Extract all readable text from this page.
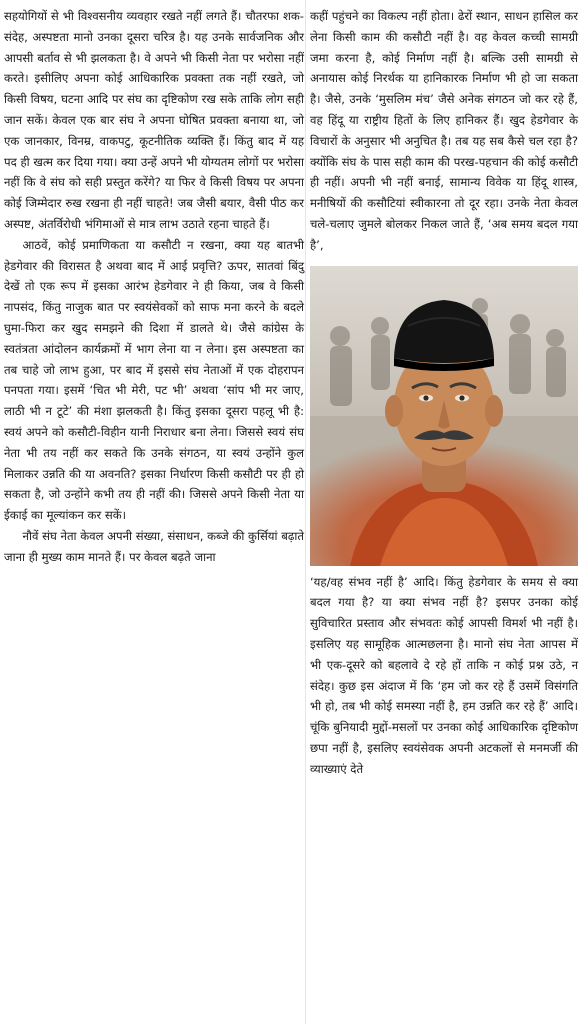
सहयोगियों से भी विश्वसनीय व्यवहार रखते नहीं लगते हैं। चौतरफा शक-संदेह, अस्पष्टता मानो उनका दूसरा चरित्र है। यह उनके सार्वजनिक और आपसी बर्ताव से भी झलकता है। वे अपने भी किसी नेता पर भरोसा नहीं करते। इसीलिए अपना कोई आधिकारिक प्रवक्ता तक नहीं रखते, जो किसी विषय, घटना आदि पर संघ का दृष्टिकोण रख सके ताकि लोग सही जान सकें। केवल एक बार संघ ने अपना घोषित प्रवक्ता बनाया था, जो एक जानकार, विनम्र, वाकपटु, कूटनीतिक व्यक्ति हैं। किंतु बाद में यह पद ही खत्म कर दिया गया। क्या उन्हें अपने भी योग्यतम लोगों पर भरोसा नहीं कि वे संघ को सही प्रस्तुत करेंगे? या फिर वे किसी विषय पर अपना कोई जिम्मेदार रुख रखना ही नहीं चाहते! जब जैसी बयार, वैसी पीठ कर अस्पष्ट, अंतर्विरोधी भंगिमाओं से मात्र लाभ उठाते रहना चाहते हैं।

आठवें, कोई प्रमाणिकता या कसौटी न रखना, क्या यह बातभी हेडगेवार की विरासत है अथवा बाद में आई प्रवृत्ति? ऊपर, सातवां बिंदु देखें तो एक रूप में इसका आरंभ हेडगेवार ने ही किया, जब वे किसी नापसंद, किंतु नाजुक बात पर स्वयंसेवकों को साफ मना करने के बदले घुमा-फिरा कर खुद समझने की दिशा में डालते थे। जैसे कांग्रेस के स्वतंत्रता आंदोलन कार्यक्रमों में भाग लेना या न लेना। इस अस्पष्टता का तब चाहे जो लाभ हुआ, पर बाद में इससे संघ नेताओं में एक दोहरापन पनपता गया। इसमें ‘चित भी मेरी, पट भी’ अथवा ‘सांप भी मर जाए, लाठी भी न टूटे’ की मंशा झलकती है। किंतु इसका दूसरा पहलू भी है: स्वयं अपने को कसौटी-विहीन यानी निराधार बना लेना। जिससे स्वयं संघ नेता भी तय नहीं कर सकते कि उनके संगठन, या स्वयं उन्होंने कुल मिलाकर उन्नति की या अवनति? इसका निर्धारण किसी कसौटी पर ही हो सकता है, जो उन्होंने कभी तय ही नहीं की। जिससे अपने किसी नेता या ईकाई का मूल्यांकन कर सकें।

नौवें संघ नेता केवल अपनी संख्या, संसाधन, कब्जे की कुर्सियां बढ़ाते जाना ही मुख्य काम मानते हैं। पर केवल बढ़ते जाना

कहीं पहुंचने का विकल्प नहीं होता। ढेरों स्थान, साधन हासिल कर लेना किसी काम की कसौटी नहीं है। वह केवल कच्ची सामग्री जमा करना है, कोई निर्माण नहीं है। बल्कि उसी सामग्री से अनायास कोई निरर्थक या हानिकारक निर्माण भी हो जा सकता है। जैसे, उनके ‘मुसलिम मंच’ जैसे अनेक संगठन जो कर रहे हैं, वह हिंदू या राष्ट्रीय हितों के लिए हानिकर हैं। खुद हेडगेवार के विचारों के अनुसार भी अनुचित है। तब यह सब कैसे चल रहा है? क्योंकि संघ के पास सही काम की परख-पहचान की कोई कसौटी ही नहीं। अपनी भी नहीं बनाई, सामान्य विवेक या हिंदू शास्त्र, मनीषियों की कसौटियां स्वीकारना तो दूर रहा। उनके नेता केवल चले-चलाए जुमले बोलकर निकल जाते हैं, ‘अब समय बदल गया है’,

‘यह/वह संभव नहीं है’ आदि। किंतु हेडगेवार के समय से क्या बदल गया है? या क्या संभव नहीं है? इसपर उनका कोई सुविचारित प्रस्ताव और संभवतः कोई आपसी विमर्श भी नहीं है। इसलिए यह सामूहिक आत्मछलना है। मानो संघ नेता आपस में भी एक-दूसरे को बहलावे दे रहे हों ताकि न कोई प्रश्न उठे, न संदेह। कुछ इस अंदाज में कि ‘हम जो कर रहे हैं उसमें विसंगति भी हो, तब भी कोई समस्या नहीं है, हम उन्नति कर रहे हैं’ आदि। चूंकि बुनियादी मुद्दों-मसलों पर उनका कोई आधिकारिक दृष्टिकोण छपा नहीं है, इसलिए स्वयंसेवक अपनी अटकलों से मनमर्जी की व्याख्याएं देते
